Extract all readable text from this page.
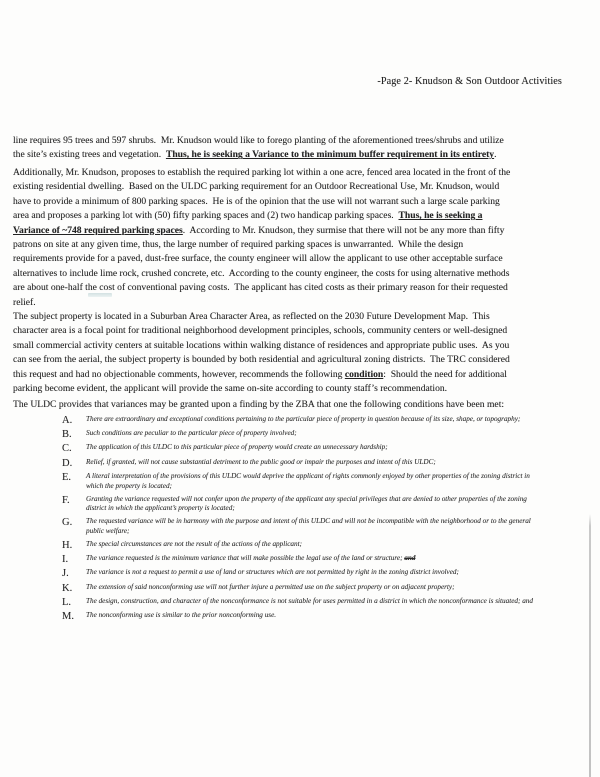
-Page 2- Knudson & Son Outdoor Activities
line requires 95 trees and 597 shrubs.  Mr. Knudson would like to forego planting of the aforementioned trees/shrubs and utilize
the site’s existing trees and vegetation.  Thus, he is seeking a Variance to the minimum buffer requirement in its entirety.
Additionally, Mr. Knudson, proposes to establish the required parking lot within a one acre, fenced area located in the front of the
existing residential dwelling.  Based on the ULDC parking requirement for an Outdoor Recreational Use, Mr. Knudson, would
have to provide a minimum of 800 parking spaces.  He is of the opinion that the use will not warrant such a large scale parking
area and proposes a parking lot with (50) fifty parking spaces and (2) two handicap parking spaces.  Thus, he is seeking a
Variance of ~748 required parking spaces.  According to Mr. Knudson, they surmise that there will not be any more than fifty
patrons on site at any given time, thus, the large number of required parking spaces is unwarranted.  While the design
requirements provide for a paved, dust-free surface, the county engineer will allow the applicant to use other acceptable surface
alternatives to include lime rock, crushed concrete, etc.  According to the county engineer, the costs for using alternative methods
are about one-half the cost of conventional paving costs.  The applicant has cited costs as their primary reason for their requested
relief.
The subject property is located in a Suburban Area Character Area, as reflected on the 2030 Future Development Map.  This
character area is a focal point for traditional neighborhood development principles, schools, community centers or well-designed
small commercial activity centers at suitable locations within walking distance of residences and appropriate public uses.  As you
can see from the aerial, the subject property is bounded by both residential and agricultural zoning districts.  The TRC considered
this request and had no objectionable comments, however, recommends the following condition:  Should the need for additional
parking become evident, the applicant will provide the same on-site according to county staff’s recommendation.
The ULDC provides that variances may be granted upon a finding by the ZBA that one the following conditions have been met:
A.	There are extraordinary and exceptional conditions pertaining to the particular piece of property in question because of its size, shape, or topography;
B.	Such conditions are peculiar to the particular piece of property involved;
C.	The application of this ULDC to this particular piece of property would create an unnecessary hardship;
D.	Relief, if granted, will not cause substantial detriment to the public good or impair the purposes and intent of this ULDC;
E.	A literal interpretation of the provisions of this ULDC would deprive the applicant of rights commonly enjoyed by other properties of the zoning district in
which the property is located;
F.	Granting the variance requested will not confer upon the property of the applicant any special privileges that are denied to other properties of the zoning
district in which the applicant’s property is located;
G.	The requested variance will be in harmony with the purpose and intent of this ULDC and will not be incompatible with the neighborhood or to the general
public welfare;
H.	The special circumstances are not the result of the actions of the applicant;
I.	The variance requested is the minimum variance that will make possible the legal use of the land or structure; and
J.	The variance is not a request to permit a use of land or structures which are not permitted by right in the zoning district involved;
K.	The extension of said nonconforming use will not further injure a permitted use on the subject property or on adjacent property;
L.	The design, construction, and character of the nonconformance is not suitable for uses permitted in a district in which the nonconformance is situated; and
M.	The nonconforming use is similar to the prior nonconforming use.
